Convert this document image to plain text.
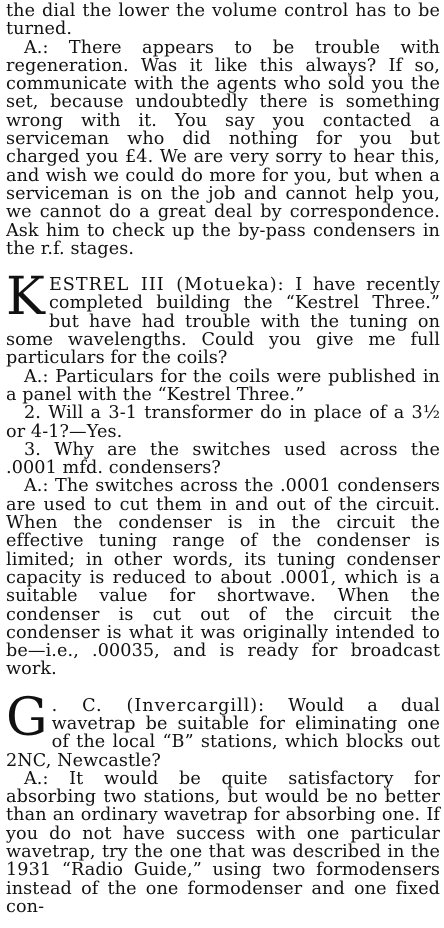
the dial the lower the volume control has to be turned.

A.: There appears to be trouble with regeneration. Was it like this always? If so, communicate with the agents who sold you the set, because undoubtedly there is something wrong with it. You say you contacted a serviceman who did nothing for you but charged you £4. We are very sorry to hear this, and wish we could do more for you, but when a serviceman is on the job and cannot help you, we cannot do a great deal by correspondence. Ask him to check up the by-pass condensers in the r.f. stages.

K ESTREL III (Motueka): I have recently completed building the “Kestrel Three.” but have had trouble with the tuning on some wavelengths. Could you give me full particulars for the coils?

A.: Particulars for the coils were published in a panel with the “Kestrel Three.”

2. Will a 3-1 transformer do in place of a 3½ or 4-1?—Yes.

3. Why are the switches used across the .0001 mfd. condensers?

A.: The switches across the .0001 condensers are used to cut them in and out of the circuit. When the condenser is in the circuit the effective tuning range of the condenser is limited; in other words, its tuning condenser capacity is reduced to about .0001, which is a suitable value for shortwave. When the condenser is cut out of the circuit the condenser is what it was originally intended to be—i.e., .00035, and is ready for broadcast work.

G . C. (Invercargill): Would a dual wavetrap be suitable for eliminating one of the local “B” stations, which blocks out 2NC, Newcastle?

A.: It would be quite satisfactory for absorbing two stations, but would be no better than an ordinary wavetrap for absorbing one. If you do not have success with one particular wavetrap, try the one that was described in the 1931 “Radio Guide,” using two formodensers instead of the one formodenser and one fixed con-
